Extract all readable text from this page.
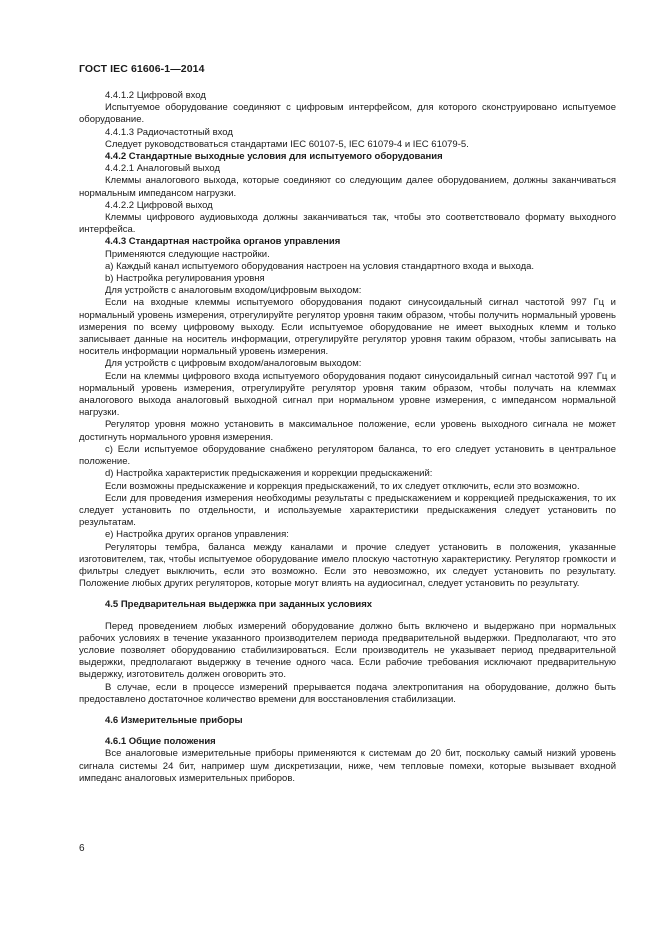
ГОСТ IEC 61606-1—2014

4.4.1.2 Цифровой вход

Испытуемое оборудование соединяют с цифровым интерфейсом, для которого сконструировано испытуемое оборудование.

4.4.1.3 Радиочастотный вход

Следует руководствоваться стандартами IEC 60107-5, IEC 61079-4 и IEC 61079-5.

4.4.2 Стандартные выходные условия для испытуемого оборудования

4.4.2.1 Аналоговый выход

Клеммы аналогового выхода, которые соединяют со следующим далее оборудованием, должны заканчиваться нормальным импедансом нагрузки.

4.4.2.2 Цифровой выход

Клеммы цифрового аудиовыхода должны заканчиваться так, чтобы это соответствовало формату выходного интерфейса.

4.4.3 Стандартная настройка органов управления

Применяются следующие настройки.

a) Каждый канал испытуемого оборудования настроен на условия стандартного входа и выхода.

b) Настройка регулирования уровня

Для устройств с аналоговым входом/цифровым выходом:

Если на входные клеммы испытуемого оборудования подают синусоидальный сигнал частотой 997 Гц и нормальный уровень измерения, отрегулируйте регулятор уровня таким образом, чтобы получить нормальный уровень измерения по всему цифровому выходу. Если испытуемое оборудование не имеет выходных клемм и только записывает данные на носитель информации, отрегулируйте регулятор уровня таким образом, чтобы записывать на носитель информации нормальный уровень измерения.

Для устройств с цифровым входом/аналоговым выходом:

Если на клеммы цифрового входа испытуемого оборудования подают синусоидальный сигнал частотой 997 Гц и нормальный уровень измерения, отрегулируйте регулятор уровня таким образом, чтобы получать на клеммах аналогового выхода аналоговый выходной сигнал при нормальном уровне измерения, с импедансом нормальной нагрузки.

Регулятор уровня можно установить в максимальное положение, если уровень выходного сигнала не может достигнуть нормального уровня измерения.

c) Если испытуемое оборудование снабжено регулятором баланса, то его следует установить в центральное положение.

d) Настройка характеристик предыскажения и коррекции предыскажений:

Если возможны предыскажение и коррекция предыскажений, то их следует отключить, если это возможно.

Если для проведения измерения необходимы результаты с предыскажением и коррекцией предыскажения, то их следует установить по отдельности, и используемые характеристики предыскажения следует установить по результатам.

e) Настройка других органов управления:

Регуляторы тембра, баланса между каналами и прочие следует установить в положения, указанные изготовителем, так, чтобы испытуемое оборудование имело плоскую частотную характеристику. Регулятор громкости и фильтры следует выключить, если это возможно. Если это невозможно, их следует установить по результату. Положение любых других регуляторов, которые могут влиять на аудиосигнал, следует установить по результату.

4.5 Предварительная выдержка при заданных условиях

Перед проведением любых измерений оборудование должно быть включено и выдержано при нормальных рабочих условиях в течение указанного производителем периода предварительной выдержки. Предполагают, что это условие позволяет оборудованию стабилизироваться. Если производитель не указывает период предварительной выдержки, предполагают выдержку в течение одного часа. Если рабочие требования исключают предварительную выдержку, изготовитель должен оговорить это.

В случае, если в процессе измерений прерывается подача электропитания на оборудование, должно быть предоставлено достаточное количество времени для восстановления стабилизации.

4.6 Измерительные приборы

4.6.1 Общие положения

Все аналоговые измерительные приборы применяются к системам до 20 бит, поскольку самый низкий уровень сигнала системы 24 бит, например шум дискретизации, ниже, чем тепловые помехи, которые вызывает входной импеданс аналоговых измерительных приборов.

6
